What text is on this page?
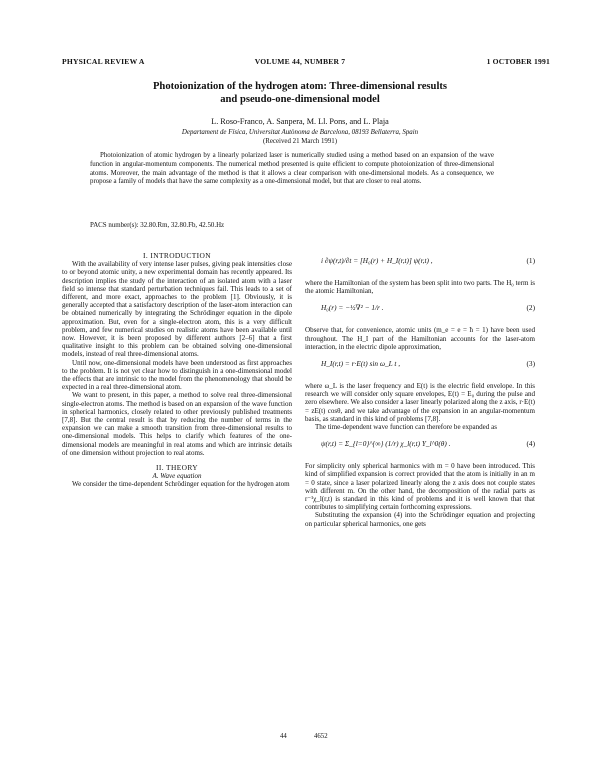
PHYSICAL REVIEW A	VOLUME 44, NUMBER 7	1 OCTOBER 1991
Photoionization of the hydrogen atom: Three-dimensional results
and pseudo-one-dimensional model
L. Roso-Franco, A. Sanpera, M. Ll. Pons, and L. Plaja
Departament de Física, Universitat Autònoma de Barcelona, 08193 Bellaterra, Spain
(Received 21 March 1991)

Photoionization of atomic hydrogen by a linearly polarized laser is numerically studied using a method based on an expansion of the wave function in angular-momentum components. The numerical method presented is quite efficient to compute photoionization of three-dimensional atoms. Moreover, the main advantage of the method is that it allows a clear comparison with one-dimensional models. As a consequence, we propose a family of models that have the same complexity as a one-dimensional model, but that are closer to real atoms.

PACS number(s): 32.80.Rm, 32.80.Fb, 42.50.Hz

I. INTRODUCTION

With the availability of very intense laser pulses, giving peak intensities close to or beyond atomic unity, a new experimental domain has recently appeared. Its description implies the study of the interaction of an isolated atom with a laser field so intense that standard perturbation techniques fail. This leads to a set of different, and more exact, approaches to the problem [1]. Obviously, it is generally accepted that a satisfactory description of the laser-atom interaction can be obtained numerically by integrating the Schrödinger equation in the dipole approximation. But, even for a single-electron atom, this is a very difficult problem, and few numerical studies on realistic atoms have been available until now. However, it is been proposed by different authors [2–6] that a first qualitative insight to this problem can be obtained solving one-dimensional models, instead of real three-dimensional atoms.

Until now, one-dimensional models have been understood as first approaches to the problem. It is not yet clear how to distinguish in a one-dimensional model the effects that are intrinsic to the model from the phenomenology that should be expected in a real three-dimensional atom.

We want to present, in this paper, a method to solve real three-dimensional single-electron atoms. The method is based on an expansion of the wave function in spherical harmonics, closely related to other previously published treatments [7,8]. But the central result is that by reducing the number of terms in the expansion we can make a smooth transition from three-dimensional results to one-dimensional models. This helps to clarify which features of the one-dimensional models are meaningful in real atoms and which are intrinsic details of one dimension without projection to real atoms.

II. THEORY

A. Wave equation

We consider the time-dependent Schrödinger equation for the hydrogen atom

i ∂ψ(r,t)/∂t = [H₀(r) + H_I(r,t)] ψ(r,t) ,	(1)

where the Hamiltonian of the system has been split into two parts. The H₀ term is the atomic Hamiltonian,

H₀(r) = −½∇² − 1/r .	(2)

Observe that, for convenience, atomic units (m_e = e = ħ = 1) have been used throughout. The H_I part of the Hamiltonian accounts for the laser-atom interaction, in the electric dipole approximation,

H_I(r,t) = r·E(t) sin ω_L t ,	(3)

where ω_L is the laser frequency and E(t) is the electric field envelope. In this research we will consider only square envelopes, E(t) = E₀ during the pulse and zero elsewhere. We also consider a laser linearly polarized along the z axis, r·E(t) = zE(t) cosθ, and we take advantage of the expansion in an angular-momentum basis, as standard in this kind of problems [7,8].

The time-dependent wave function can therefore be expanded as

ψ(r,t) = Σ_{l=0}^{∞} (1/r) χ_l(r,t) Y_l^0(θ) .	(4)

For simplicity only spherical harmonics with m = 0 have been introduced. This kind of simplified expansion is correct provided that the atom is initially in an m = 0 state, since a laser polarized linearly along the z axis does not couple states with different m. On the other hand, the decomposition of the radial parts as r⁻¹χ_l(r,t) is standard in this kind of problems and it is well known that that contributes to simplifying certain forthcoming expressions.

Substituting the expansion (4) into the Schrödinger equation and projecting on particular spherical harmonics, one gets

44	4652
